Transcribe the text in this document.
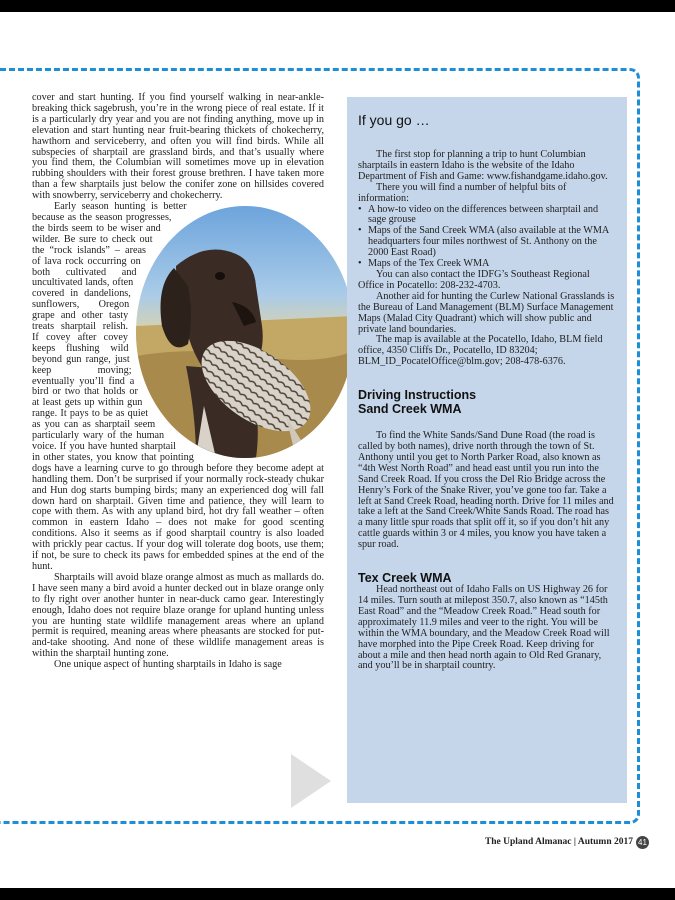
cover and start hunting. If you find yourself walking in near-ankle-breaking thick sagebrush, you’re in the wrong piece of real estate. If it is a particularly dry year and you are not finding anything, move up in elevation and start hunting near fruit-bearing thickets of chokecherry, hawthorn and serviceberry, and often you will find birds. While all subspecies of sharptail are grassland birds, and that’s usually where you find them, the Columbian will sometimes move up in elevation rubbing shoulders with their forest grouse brethren. I have taken more than a few sharptails just below the conifer zone on hillsides covered with snowberry, serviceberry and chokecherry.

Early season hunting is better because as the season progresses, the birds seem to be wiser and wilder. Be sure to check out the “rock islands” – areas of lava rock occurring on both cultivated and uncultivated lands, often covered in dandelions, sunflowers, Oregon grape and other tasty treats sharptail relish. If covey after covey keeps flushing wild beyond gun range, just keep moving; eventually you’ll find a bird or two that holds or at least gets up within gun range. It pays to be as quiet as you can as sharptail seem particularly wary of the human voice. If you have hunted sharptail in other states, you know that pointing dogs have a learning curve to go through before they become adept at handling them. Don’t be surprised if your normally rock-steady chukar and Hun dog starts bumping birds; many an experienced dog will fall down hard on sharptail. Given time and patience, they will learn to cope with them. As with any upland bird, hot dry fall weather – often common in eastern Idaho – does not make for good scenting conditions. Also it seems as if good sharptail country is also loaded with prickly pear cactus. If your dog will tolerate dog boots, use them; if not, be sure to check its paws for embedded spines at the end of the hunt.

Sharptails will avoid blaze orange almost as much as mallards do. I have seen many a bird avoid a hunter decked out in blaze orange only to fly right over another hunter in near-duck camo gear. Interestingly enough, Idaho does not require blaze orange for upland hunting unless you are hunting state wildlife management areas where an upland permit is required, meaning areas where pheasants are stocked for put-and-take shooting. And none of these wildlife management areas is within the sharptail hunting zone.

One unique aspect of hunting sharptails in Idaho is sage

If you go …

The first stop for planning a trip to hunt Columbian sharptails in eastern Idaho is the website of the Idaho Department of Fish and Game: www.fishandgame.idaho.gov.

There you will find a number of helpful bits of information:

• A how-to video on the differences between sharptail and sage grouse
• Maps of the Sand Creek WMA (also available at the WMA headquarters four miles northwest of St. Anthony on the 2000 East Road)
• Maps of the Tex Creek WMA

You can also contact the IDFG’s Southeast Regional Office in Pocatello: 208-232-4703.

Another aid for hunting the Curlew National Grasslands is the Bureau of Land Management (BLM) Surface Management Maps (Malad City Quadrant) which will show public and private land boundaries.

The map is available at the Pocatello, Idaho, BLM field office, 4350 Cliffs Dr., Pocatello, ID 83204; BLM_ID_PocatelOffice@blm.gov; 208-478-6376.

Driving Instructions
Sand Creek WMA

To find the White Sands/Sand Dune Road (the road is called by both names), drive north through the town of St. Anthony until you get to North Parker Road, also known as “4th West North Road” and head east until you run into the Sand Creek Road. If you cross the Del Rio Bridge across the Henry’s Fork of the Snake River, you’ve gone too far. Take a left at Sand Creek Road, heading north. Drive for 11 miles and take a left at the Sand Creek/White Sands Road. The road has a many little spur roads that split off it, so if you don’t hit any cattle guards within 3 or 4 miles, you know you have taken a spur road.

Tex Creek WMA

Head northeast out of Idaho Falls on US Highway 26 for 14 miles. Turn south at milepost 350.7, also known as “145th East Road” and the “Meadow Creek Road.” Head south for approximately 11.9 miles and veer to the right. You will be within the WMA boundary, and the Meadow Creek Road will have morphed into the Pipe Creek Road. Keep driving for about a mile and then head north again to Old Red Granary, and you’ll be in sharptail country.

The Upland Almanac | Autumn 2017 41
